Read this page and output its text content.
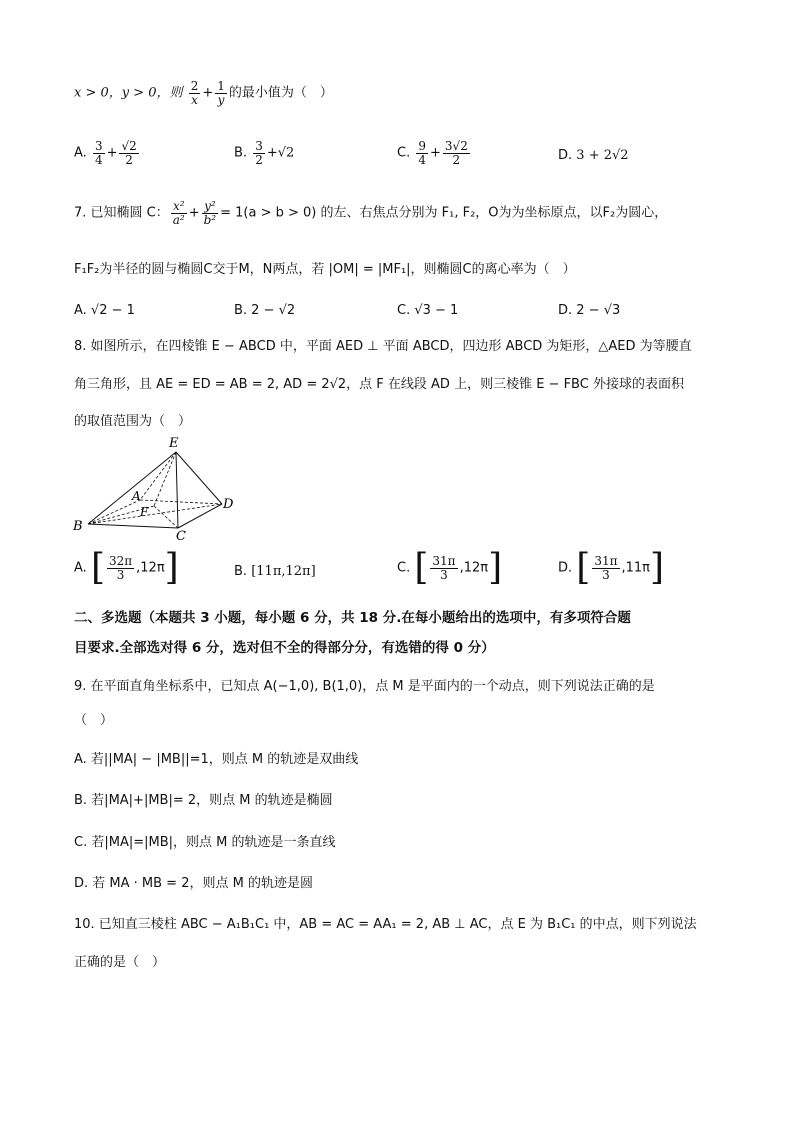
x > 0，y > 0，则 $\frac{2}{x} + \frac{1}{y}$ 的最小值为（　）
A. $\frac{3}{4} + \frac{√2}{2}$	B. $\frac{3}{2} +√2$	C. $\frac{9}{4} + \frac{3√2}{2}$	D. 3 + 2√2
7. 已知椭圆 C： $\frac{\text{x²}}{\text{a²}} + \frac{\text{y²}}{\text{b²}} = 1(a > b > 0)$ 的左、右焦点分别为 F₁, F₂，O为为坐标原点，以F₂为圆心，
F₁F₂为半径的圆与椭圆C交于M，N两点，若 |OM| = |MF₁|，则椭圆C的离心率为（　）
A. √2 − 1	B. 2 − √2	C. √3 − 1	D. 2 − √3
8. 如图所示，在四棱锥 E − ABCD 中，平面 AED ⊥ 平面 ABCD，四边形 ABCD 为矩形，△AED 为等腰直
角三角形，且 AE = ED = AB = 2, AD = 2√2，点 F 在线段 AD 上，则三棱锥 E − FBC 外接球的表面积
的取值范围为（　）
E
A
F	D
B
C
A. [ $\frac{32\pi}{3} ,12\pi$]	B. [11π,12π]	C. [ $\frac{31\pi}{3} ,12\pi$]	D. [ $\frac{31\pi}{3} ,11\pi$]
二、多选题（本题共 3 小题，每小题 6 分，共 18 分.在每小题给出的选项中，有多项符合题
目要求.全部选对得 6 分，选对但不全的得部分分，有选错的得 0 分）
9. 在平面直角坐标系中，已知点 A(−1,0), B(1,0)，点 M 是平面内的一个动点，则下列说法正确的是
（　）
A. 若||MA| − |MB||=1，则点 M 的轨迹是双曲线
B. 若|MA|+|MB|= 2，则点 M 的轨迹是椭圆
C. 若|MA|=|MB|，则点 M 的轨迹是一条直线
D. 若 MA · MB = 2，则点 M 的轨迹是圆
10. 已知直三棱柱 ABC − A₁B₁C₁ 中，AB = AC = AA₁ = 2, AB ⊥ AC，点 E 为 B₁C₁ 的中点，则下列说法
正确的是（　）
